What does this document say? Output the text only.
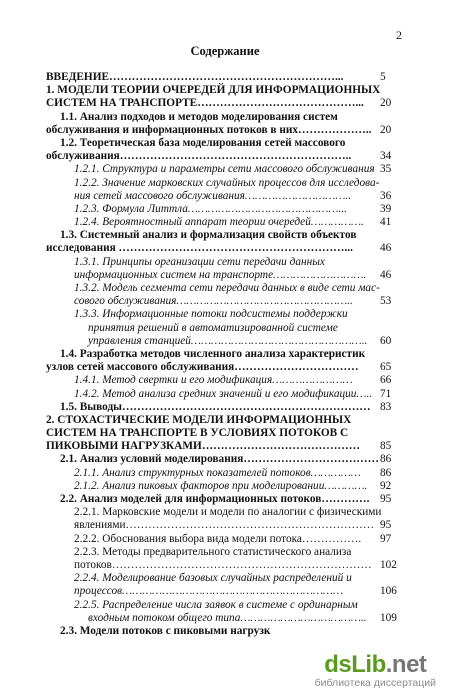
2
Содержание
ВВЕДЕНИЕ……………………………………………………...	5
1. МОДЕЛИ ТЕОРИИ ОЧЕРЕДЕЙ ДЛЯ ИНФОРМАЦИОННЫХ
СИСТЕМ НА ТРАНСПОРТЕ……………………………………... 20
1.1. Анализ подходов и методов моделирования систем
обслуживания и информационных потоков в них……………….. 20
1.2. Теоретическая база моделирования сетей массового
обслуживания……………………………………………………..	34
1.2.1. Структура и параметры сети массового обслуживания 35
1.2.2. Значение марковских случайных процессов для исследова-
ния сетей массового обслуживания…………………………..	36
1.2.3. Формула Литтла………………………………………...	39
1.2.4. Вероятностный аппарат теории очередей……………. 41
1.3. Системный анализ и формализация свойств объектов
исследования ……………………………………………………... 46
1.3.1. Принципы организации сети передачи данных
информационных систем на транспорте………………………. 46
1.3.2. Модель сегмента сети передачи данных в виде сети мас-
сового обслуживания…………………………………………….. 53
1.3.3. Информационные потоки подсистемы поддержки
принятия решений в автоматизированной системе
управления станцией…………………………………………….. 60
1.4. Разработка методов численного анализа характеристик
узлов сетей массового обслуживания…………………………… 65
1.4.1. Метод свертки и его модификация…………………… 66
1.4.2. Метод анализа средних значений и его модификации….. 71
1.5. Выводы………………………………………………………… 83
2. СТОХАСТИЧЕСКИЕ МОДЕЛИ ИНФОРМАЦИОННЫХ
СИСТЕМ НА ТРАНСПОРТЕ В УСЛОВИЯХ ПОТОКОВ С
ПИКОВЫМИ НАГРУЗКАМИ…………………………………… 85
2.1. Анализ условий моделирования……………………………… 86
2.1.1. Анализ структурных показателей потоков…………… 86
2.1.2. Анализ пиковых факторов при моделировании…………. 92
2.2. Анализ моделей для информационных потоков…………. 95
2.2.1. Марковские модели и модели по аналогии с физическими
явлениями………………………………………………………… 95
2.2.2. Обоснования выбора вида модели потока……………. 97
2.2.3. Методы предварительного статистического анализа
потоков…………………………………………………………… 102
2.2.4. Моделирование базовых случайных распределений и
процессов…………………………………………………………	106
2.2.5. Распределение числа заявок в системе с ординарным
входным потоком общего типа……………………………….. 109
2.3. Модели потоков с пиковыми нагрузк
dsLib.net
библиотека диссертаций
